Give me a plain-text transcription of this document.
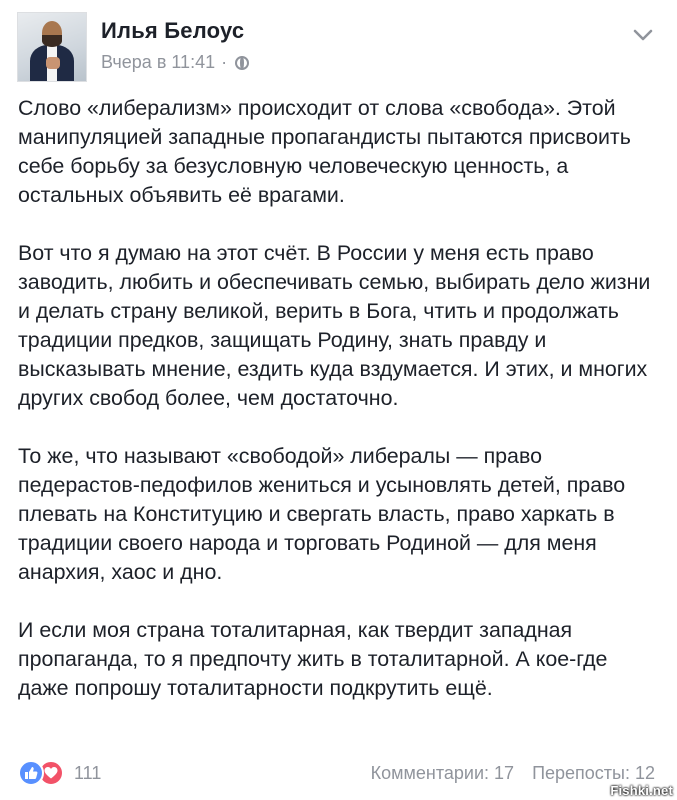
Илья Белоус
Вчера в 11:41 ·

Слово «либерализм» происходит от слова «свобода». Этой манипуляцией западные пропагандисты пытаются присвоить себе борьбу за безусловную человеческую ценность, а остальных объявить её врагами.

Вот что я думаю на этот счёт. В России у меня есть право заводить, любить и обеспечивать семью, выбирать дело жизни и делать страну великой, верить в Бога, чтить и продолжать традиции предков, защищать Родину, знать правду и высказывать мнение, ездить куда вздумается. И этих, и многих других свобод более, чем достаточно.

То же, что называют «свободой» либералы — право педерастов-педофилов жениться и усыновлять детей, право плевать на Конституцию и свергать власть, право харкать в традиции своего народа и торговать Родиной — для меня анархия, хаос и дно.

И если моя страна тоталитарная, как твердит западная пропаганда, то я предпочту жить в тоталитарной. А кое-где даже попрошу тоталитарности подкрутить ещё.

111	Комментарии: 17 Перепосты: 12
Fishki.net
